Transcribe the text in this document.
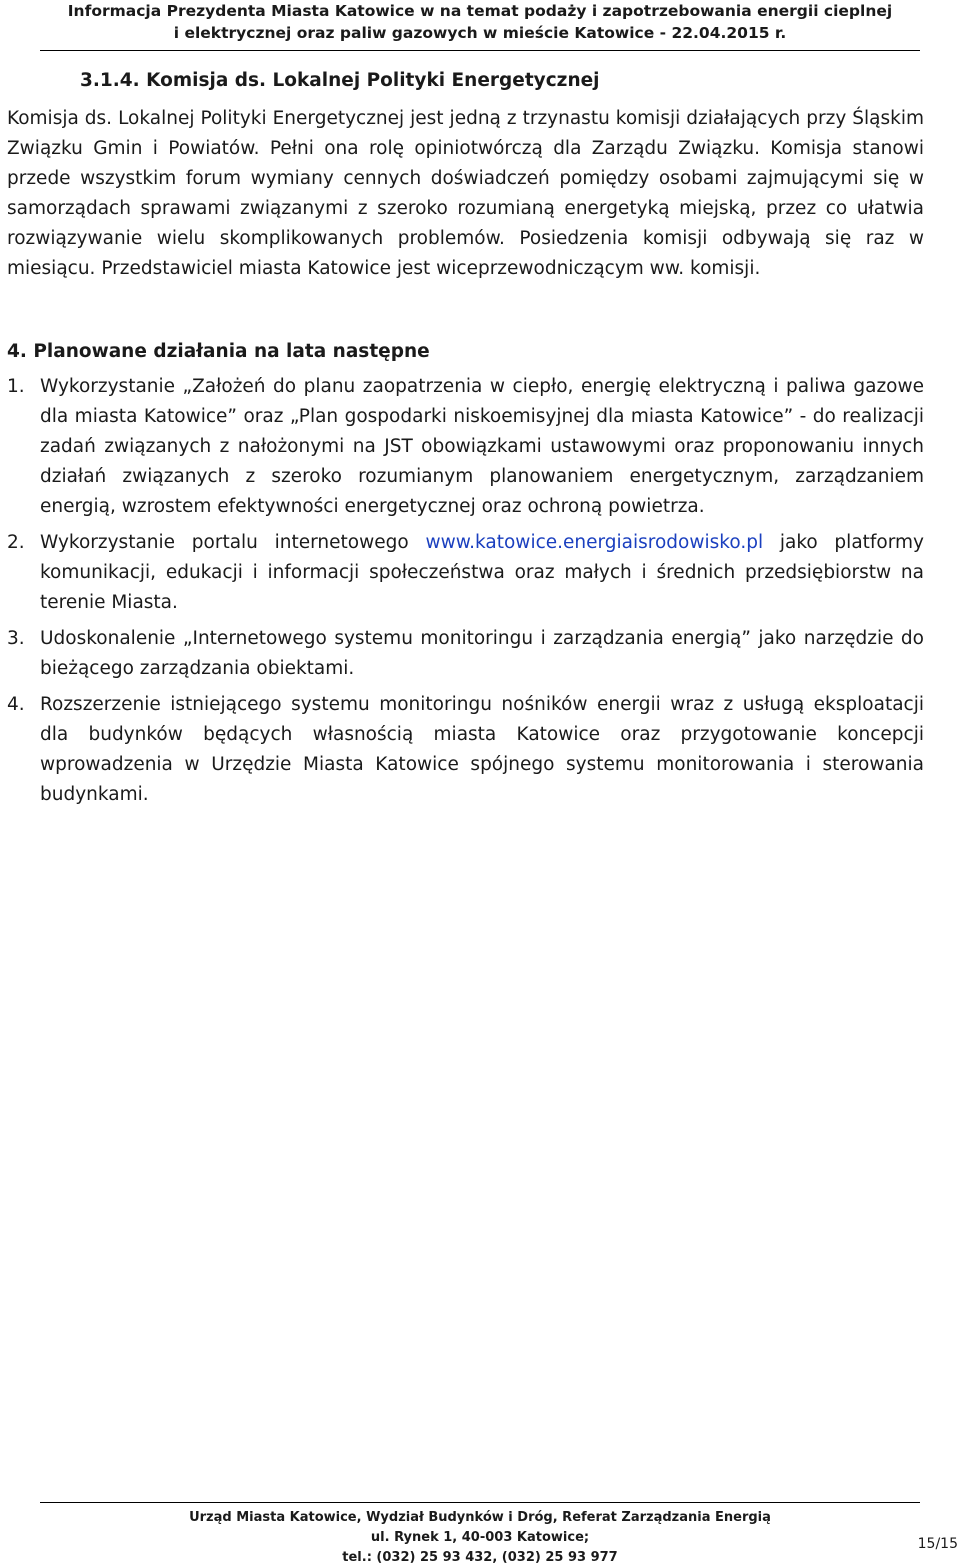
Informacja Prezydenta Miasta Katowice w na temat podaży i zapotrzebowania energii cieplnej
i elektrycznej oraz paliw gazowych w mieście Katowice - 22.04.2015 r.
3.1.4. Komisja ds. Lokalnej Polityki Energetycznej
Komisja ds. Lokalnej Polityki Energetycznej jest jedną z trzynastu komisji działających przy Śląskim Związku Gmin i Powiatów. Pełni ona rolę opiniotwórczą dla Zarządu Związku. Komisja stanowi przede wszystkim forum wymiany cennych doświadczeń pomiędzy osobami zajmującymi się w samorządach sprawami związanymi z szeroko rozumianą energetyką miejską, przez co ułatwia rozwiązywanie wielu skomplikowanych problemów. Posiedzenia komisji odbywają się raz w miesiącu. Przedstawiciel miasta Katowice jest wiceprzewodniczącym ww. komisji.
4. Planowane działania na lata następne
1. Wykorzystanie „Założeń do planu zaopatrzenia w ciepło, energię elektryczną i paliwa gazowe dla miasta Katowice” oraz „Plan gospodarki niskoemisyjnej dla miasta Katowice” - do realizacji zadań związanych z nałożonymi na JST obowiązkami ustawowymi oraz proponowaniu innych działań związanych z szeroko rozumianym planowaniem energetycznym, zarządzaniem energią, wzrostem efektywności energetycznej oraz ochroną powietrza.
2. Wykorzystanie portalu internetowego www.katowice.energiaisrodowisko.pl jako platformy komunikacji, edukacji i informacji społeczeństwa oraz małych i średnich przedsiębiorstw na terenie Miasta.
3. Udoskonalenie „Internetowego systemu monitoringu i zarządzania energią” jako narzędzie do bieżącego zarządzania obiektami.
4. Rozszerzenie istniejącego systemu monitoringu nośników energii wraz z usługą eksploatacji dla budynków będących własnością miasta Katowice oraz przygotowanie koncepcji wprowadzenia w Urzędzie Miasta Katowice spójnego systemu monitorowania i sterowania budynkami.
Urząd Miasta Katowice, Wydział Budynków i Dróg, Referat Zarządzania Energią
ul. Rynek 1, 40-003 Katowice;
tel.: (032) 25 93 432, (032) 25 93 977
15/15
